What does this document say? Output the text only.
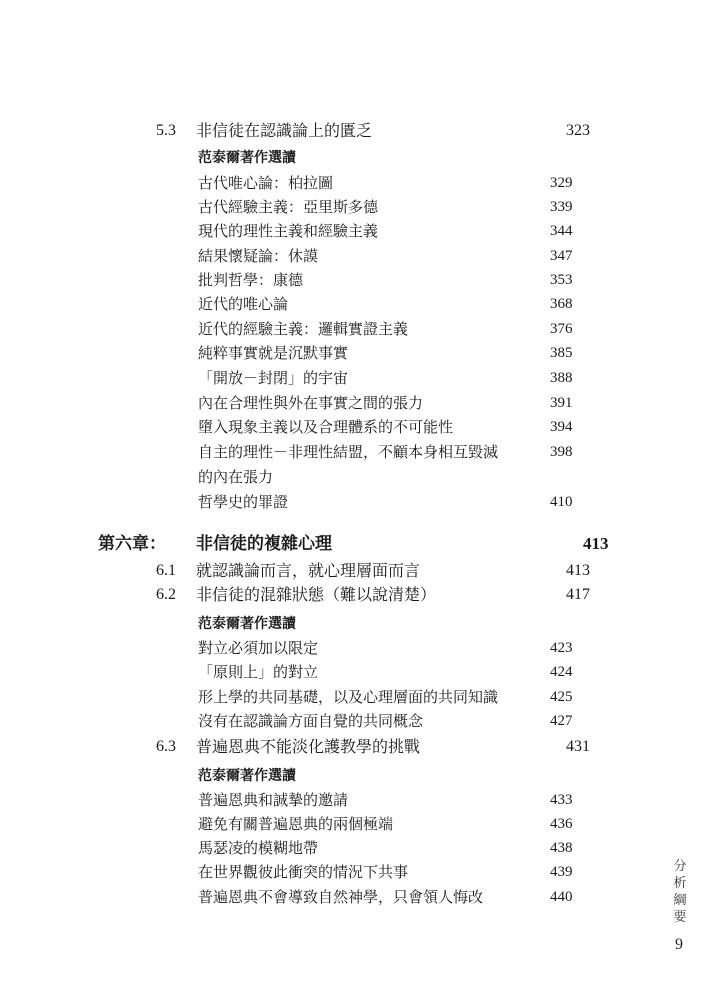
5.3 非信徒在認識論上的匱乏	323
范泰爾著作選讀
古代唯心論：柏拉圖	329
古代經驗主義：亞里斯多德	339
現代的理性主義和經驗主義	344
結果懷疑論：休謨	347
批判哲學：康德	353
近代的唯心論	368
近代的經驗主義：邏輯實證主義	376
純粹事實就是沉默事實	385
「開放－封閉」的宇宙	388
內在合理性與外在事實之間的張力	391
墮入現象主義以及合理體系的不可能性	394
自主的理性－非理性結盟，不顧本身相互毀滅	398
的內在張力
哲學史的罪證	410
第六章：	非信徒的複雜心理	413
6.1 就認識論而言，就心理層面而言	413
6.2 非信徒的混雜狀態（難以說清楚）	417
范泰爾著作選讀
對立必須加以限定	423
「原則上」的對立	424
形上學的共同基礎，以及心理層面的共同知識	425
沒有在認識論方面自覺的共同概念	427
6.3 普遍恩典不能淡化護教學的挑戰	431
范泰爾著作選讀
普遍恩典和誠摯的邀請	433
避免有關普遍恩典的兩個極端	436
馬瑟凌的模糊地帶	438
在世界觀彼此衝突的情況下共事	439
普遍恩典不會導致自然神學，只會領人悔改	440
分
析
綱
要
9
